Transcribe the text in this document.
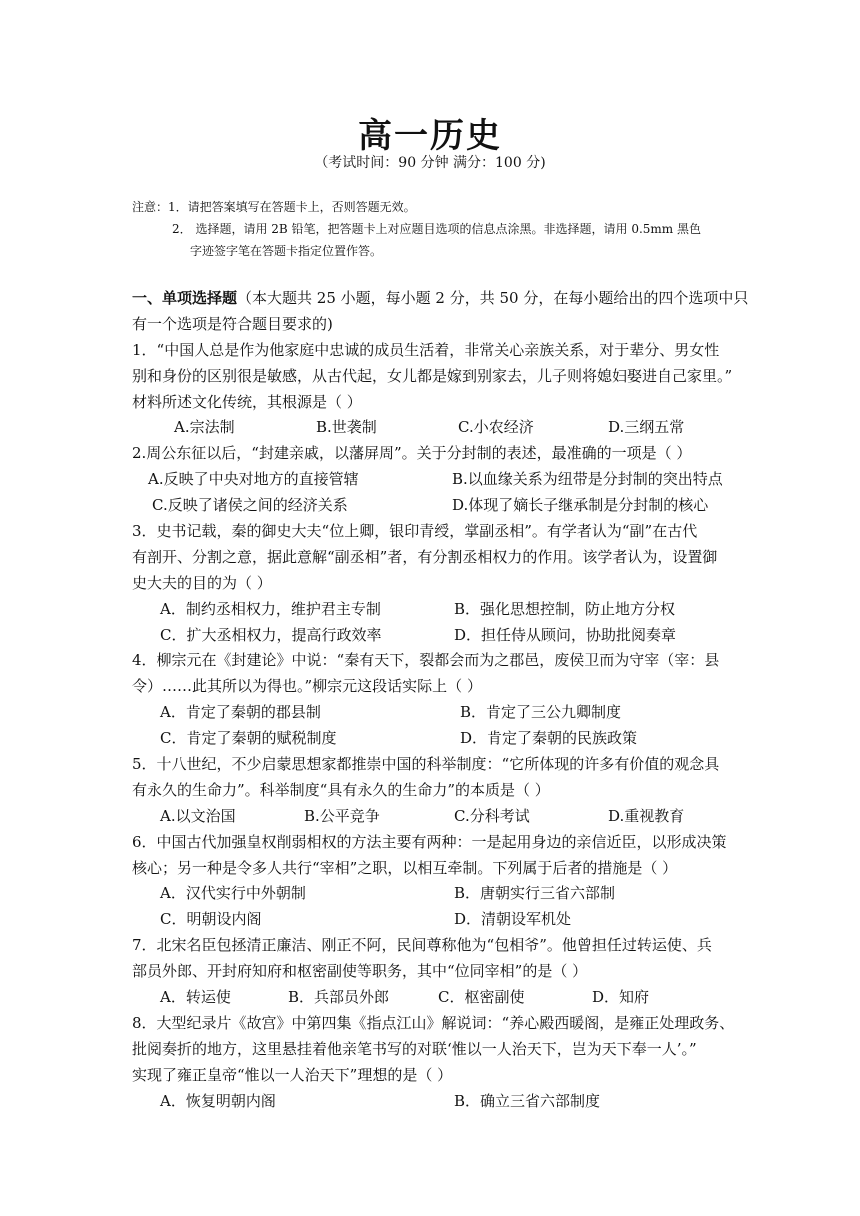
高一历史
（考试时间：90 分钟 满分：100 分)
注意：1．请把答案填写在答题卡上，否则答题无效。
2． 选择题，请用 2B 铅笔，把答题卡上对应题目选项的信息点涂黑。非选择题，请用 0.5mm 黑色
字迹签字笔在答题卡指定位置作答。
一、单项选择题（本大题共 25 小题，每小题 2 分，共 50 分，在每小题给出的四个选项中只
有一个选项是符合题目要求的)
1．“中国人总是作为他家庭中忠诚的成员生活着，非常关心亲族关系，对于辈分、男女性
别和身份的区别很是敏感，从古代起，女儿都是嫁到别家去，儿子则将媳妇娶进自己家里。”
材料所述文化传统，其根源是（ ）
A.宗法制	B.世袭制	C.小农经济	D.三纲五常
2.周公东征以后，“封建亲戚，以藩屏周”。关于分封制的表述，最准确的一项是（ ）
A.反映了中央对地方的直接管辖	B.以血缘关系为纽带是分封制的突出特点
C.反映了诸侯之间的经济关系	D.体现了嫡长子继承制是分封制的核心
3．史书记载，秦的御史大夫“位上卿，银印青绶，掌副丞相”。有学者认为“副”在古代
有剖开、分割之意，据此意解“副丞相”者，有分割丞相权力的作用。该学者认为，设置御
史大夫的目的为（ ）
A．制约丞相权力，维护君主专制	B．强化思想控制，防止地方分权
C．扩大丞相权力，提高行政效率	D．担任侍从顾问，协助批阅奏章
4．柳宗元在《封建论》中说：“秦有天下，裂都会而为之郡邑，废侯卫而为守宰（宰：县
令）……此其所以为得也。”柳宗元这段话实际上（ ）
A．肯定了秦朝的郡县制	B．肯定了三公九卿制度
C．肯定了秦朝的赋税制度	D．肯定了秦朝的民族政策
5．十八世纪，不少启蒙思想家都推崇中国的科举制度：“它所体现的许多有价值的观念具
有永久的生命力”。科举制度“具有永久的生命力”的本质是（ ）
A.以文治国	B.公平竞争	C.分科考试	D.重视教育
6．中国古代加强皇权削弱相权的方法主要有两种：一是起用身边的亲信近臣，以形成决策
核心；另一种是令多人共行“宰相”之职，以相互牵制。下列属于后者的措施是（ ）
A．汉代实行中外朝制	B．唐朝实行三省六部制
C．明朝设内阁	D．清朝设军机处
7．北宋名臣包拯清正廉洁、刚正不阿，民间尊称他为“包相爷”。他曾担任过转运使、兵
部员外郎、开封府知府和枢密副使等职务，其中“位同宰相”的是（ ）
A．转运使	B．兵部员外郎	C．枢密副使	D．知府
8．大型纪录片《故宫》中第四集《指点江山》解说词：“养心殿西暖阁，是雍正处理政务、
批阅奏折的地方，这里悬挂着他亲笔书写的对联‘惟以一人治天下，岂为天下奉一人’。”
实现了雍正皇帝“惟以一人治天下”理想的是（ ）
A．恢复明朝内阁	B．确立三省六部制度
